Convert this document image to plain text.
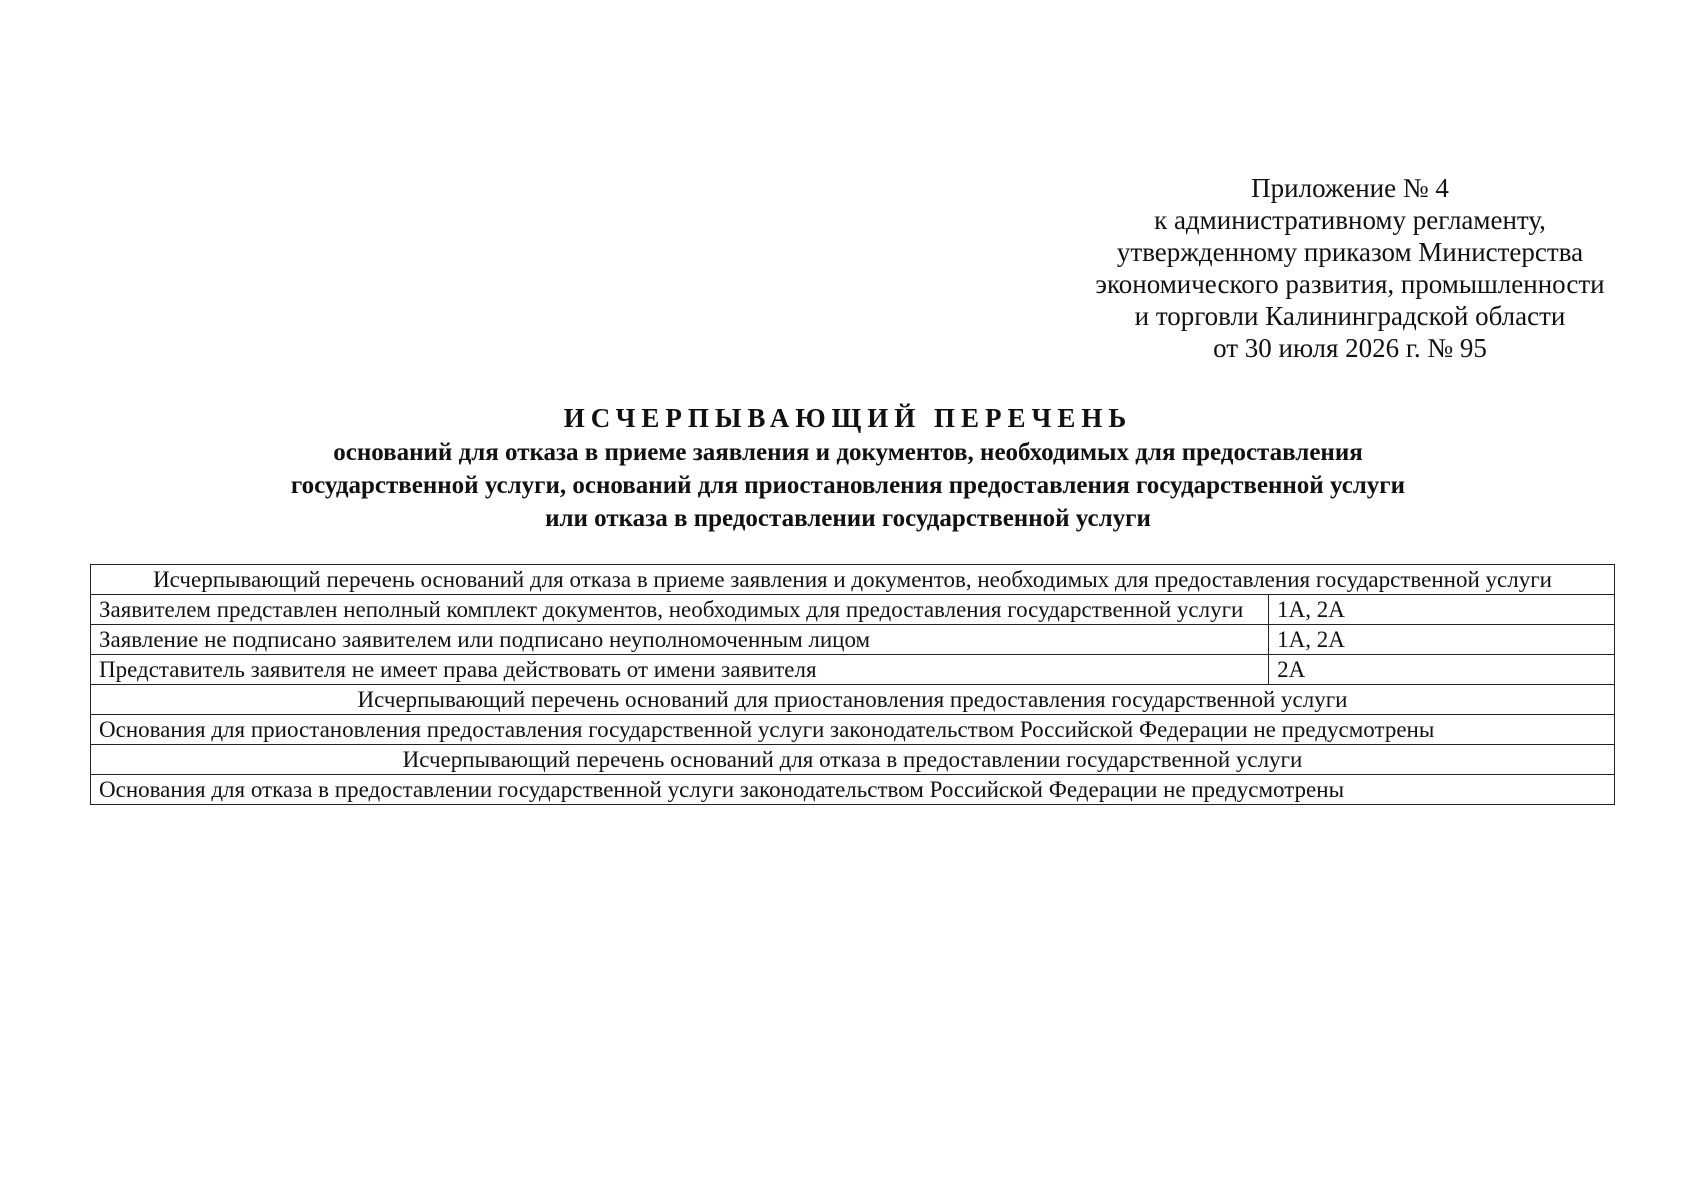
Приложение № 4
к административному регламенту,
утвержденному приказом Министерства
экономического развития, промышленности
и торговли Калининградской области
от 30 июля 2026 г. № 95
ИСЧЕРПЫВАЮЩИЙ ПЕРЕЧЕНЬ
оснований для отказа в приеме заявления и документов, необходимых для предоставления
государственной услуги, оснований для приостановления предоставления государственной услуги
или отказа в предоставлении государственной услуги
Исчерпывающий перечень оснований для отказа в приеме заявления и документов, необходимых для предоставления государственной услуги	
Заявителем представлен неполный комплект документов, необходимых для предоставления государственной услуги	1А, 2А
Заявление не подписано заявителем или подписано неуполномоченным лицом	1А, 2А
Представитель заявителя не имеет права действовать от имени заявителя	2А
Исчерпывающий перечень оснований для приостановления предоставления государственной услуги	
Основания для приостановления предоставления государственной услуги законодательством Российской Федерации не предусмотрены	
Исчерпывающий перечень оснований для отказа в предоставлении государственной услуги	
Основания для отказа в предоставлении государственной услуги законодательством Российской Федерации не предусмотрены	
